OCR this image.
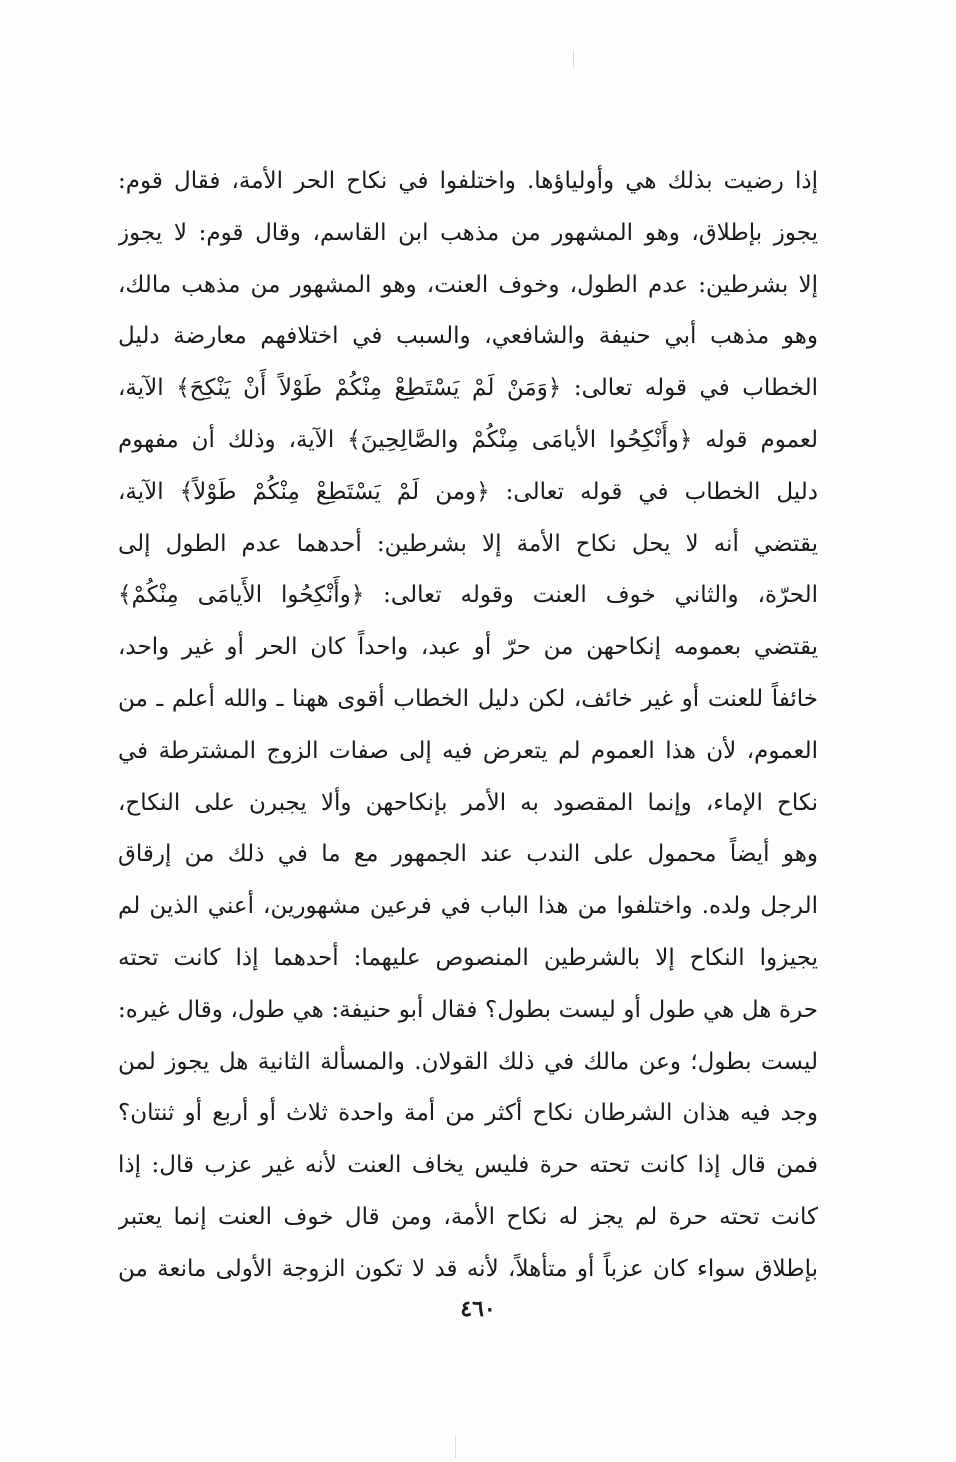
إذا رضيت بذلك هي وأولياؤها. واختلفوا في نكاح الحر الأمة، فقال قوم:
يجوز بإطلاق، وهو المشهور من مذهب ابن القاسم، وقال قوم: لا يجوز
إلا بشرطين: عدم الطول، وخوف العنت، وهو المشهور من مذهب مالك،
وهو مذهب أبي حنيفة والشافعي، والسبب في اختلافهم معارضة دليل
الخطاب في قوله تعالى: ﴿وَمَنْ لَمْ يَسْتَطِعْ مِنْكُمْ طَوْلاً أَنْ يَنْكِحَ﴾ الآية،
لعموم قوله ﴿وأَنْكِحُوا الأيامَى مِنْكُمْ والصَّالِحِينَ﴾ الآية، وذلك أن مفهوم
دليل الخطاب في قوله تعالى: ﴿ومن لَمْ يَسْتَطِعْ مِنْكُمْ طَوْلاً﴾ الآية،
يقتضي أنه لا يحل نكاح الأمة إلا بشرطين: أحدهما عدم الطول إلى
الحرّة، والثاني خوف العنت وقوله تعالى: ﴿وأَنْكِحُوا الأَيامَى مِنْكُمْ﴾
يقتضي بعمومه إنكاحهن من حرّ أو عبد، واحداً كان الحر أو غير واحد،
خائفاً للعنت أو غير خائف، لكن دليل الخطاب أقوى ههنا ـ والله أعلم ـ من
العموم، لأن هذا العموم لم يتعرض فيه إلى صفات الزوج المشترطة في
نكاح الإماء، وإنما المقصود به الأمر بإنكاحهن وألا يجبرن على النكاح،
وهو أيضاً محمول على الندب عند الجمهور مع ما في ذلك من إرقاق
الرجل ولده. واختلفوا من هذا الباب في فرعين مشهورين، أعني الذين لم
يجيزوا النكاح إلا بالشرطين المنصوص عليهما: أحدهما إذا كانت تحته
حرة هل هي طول أو ليست بطول؟ فقال أبو حنيفة: هي طول، وقال غيره:
ليست بطول؛ وعن مالك في ذلك القولان. والمسألة الثانية هل يجوز لمن
وجد فيه هذان الشرطان نكاح أكثر من أمة واحدة ثلاث أو أربع أو ثنتان؟
فمن قال إذا كانت تحته حرة فليس يخاف العنت لأنه غير عزب قال: إذا
كانت تحته حرة لم يجز له نكاح الأمة، ومن قال خوف العنت إنما يعتبر
بإطلاق سواء كان عزباً أو متأهلاً، لأنه قد لا تكون الزوجة الأولى مانعة من
٤٦٠
